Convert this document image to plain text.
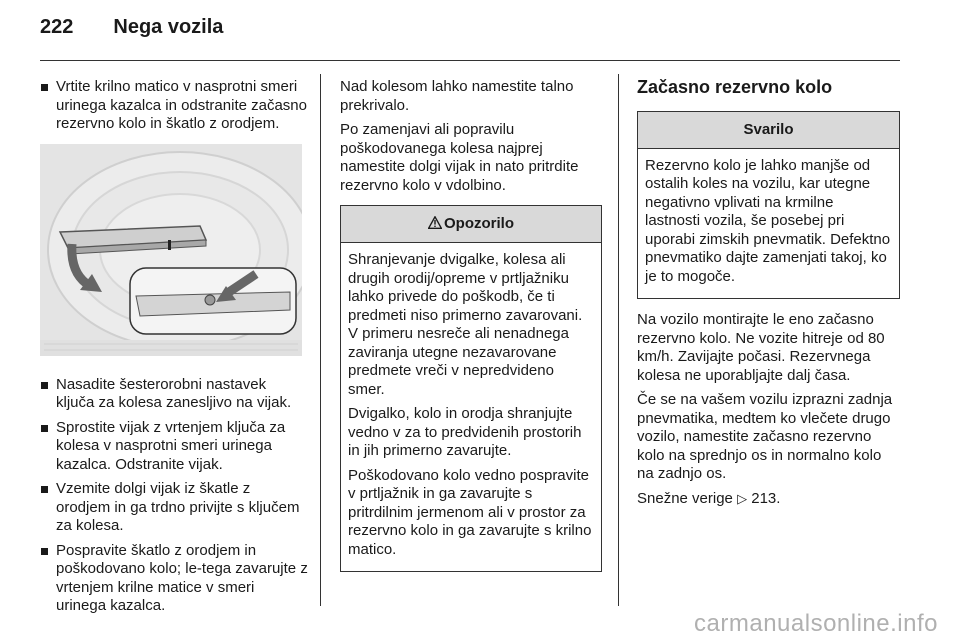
222 Nega vozila
Vrtite krilno matico v nasprotni smeri urinega kazalca in odstranite začasno rezervno kolo in škatlo z orodjem.
Nasadite šesterorobni nastavek ključa za kolesa zanesljivo na vijak.
Sprostite vijak z vrtenjem ključa za kolesa v nasprotni smeri urinega kazalca. Odstranite vijak.
Vzemite dolgi vijak iz škatle z orodjem in ga trdno privijte s ključem za kolesa.
Pospravite škatlo z orodjem in poškodovano kolo; le-tega zavarujte z vrtenjem krilne matice v smeri urinega kazalca.

Nad kolesom lahko namestite talno prekrivalo.

Po zamenjavi ali popravilu poškodovanega kolesa najprej namestite dolgi vijak in nato pritrdite rezervno kolo v vdolbino.

Opozorilo

Shranjevanje dvigalke, kolesa ali drugih orodij/opreme v prtljažniku lahko privede do poškodb, če ti predmeti niso primerno zavarovani. V primeru nesreče ali nenadnega zaviranja utegne nezavarovane predmete vreči v nepredvideno smer.

Dvigalko, kolo in orodja shranjujte vedno v za to predvidenih prostorih in jih primerno zavarujte.

Poškodovano kolo vedno pospravite v prtljažnik in ga zavarujte s pritrdilnim jermenom ali v prostor za rezervno kolo in ga zavarujte s krilno matico.

Začasno rezervno kolo
Svarilo

Rezervno kolo je lahko manjše od ostalih koles na vozilu, kar utegne negativno vplivati na krmilne lastnosti vozila, še posebej pri uporabi zimskih pnevmatik. Defektno pnevmatiko dajte zamenjati takoj, ko je to mogoče.

Na vozilo montirajte le eno začasno rezervno kolo. Ne vozite hitreje od 80 km/h. Zavijajte počasi. Rezervnega kolesa ne uporabljajte dalj časa.

Če se na vašem vozilu izprazni zadnja pnevmatika, medtem ko vlečete drugo vozilo, namestite začasno rezervno kolo na sprednjo os in normalno kolo na zadnjo os.

Snežne verige ▷ 213.

carmanualsonline.info
